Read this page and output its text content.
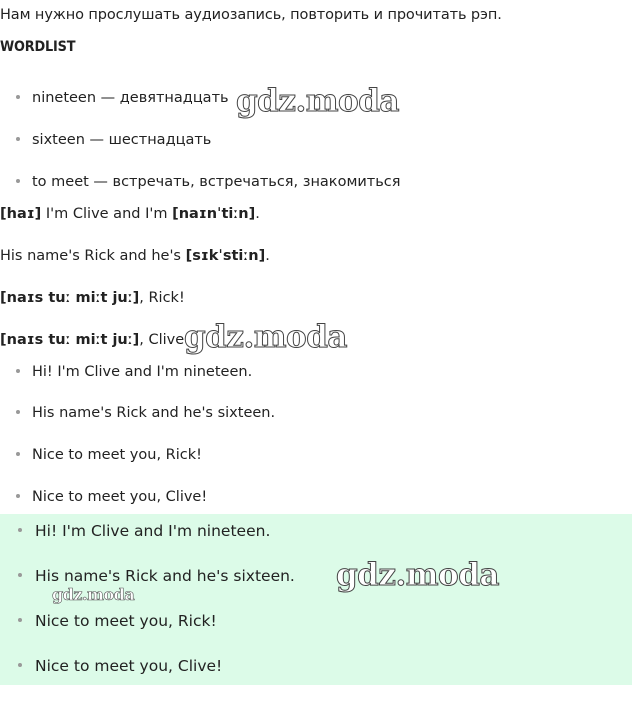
Нам нужно прослушать аудиозапись, повторить и прочитать рэп.
WORDLIST
nineteen — девятнадцать
sixteen — шестнадцать
to meet — встречать, встречаться, знакомиться
[haɪ] I'm Clive and I'm [naɪnˈtiːn].
His name's Rick and he's [sɪkˈstiːn].
[naɪs tuː miːt juː], Rick!
[naɪs tuː miːt juː], Clive!
Hi! I'm Clive and I'm nineteen.
His name's Rick and he's sixteen.
Nice to meet you, Rick!
Nice to meet you, Clive!
Hi! I'm Clive and I'm nineteen.
His name's Rick and he's sixteen.
Nice to meet you, Rick!
Nice to meet you, Clive!
gdz.moda
gdz.moda
gdz.moda
gdz.moda
